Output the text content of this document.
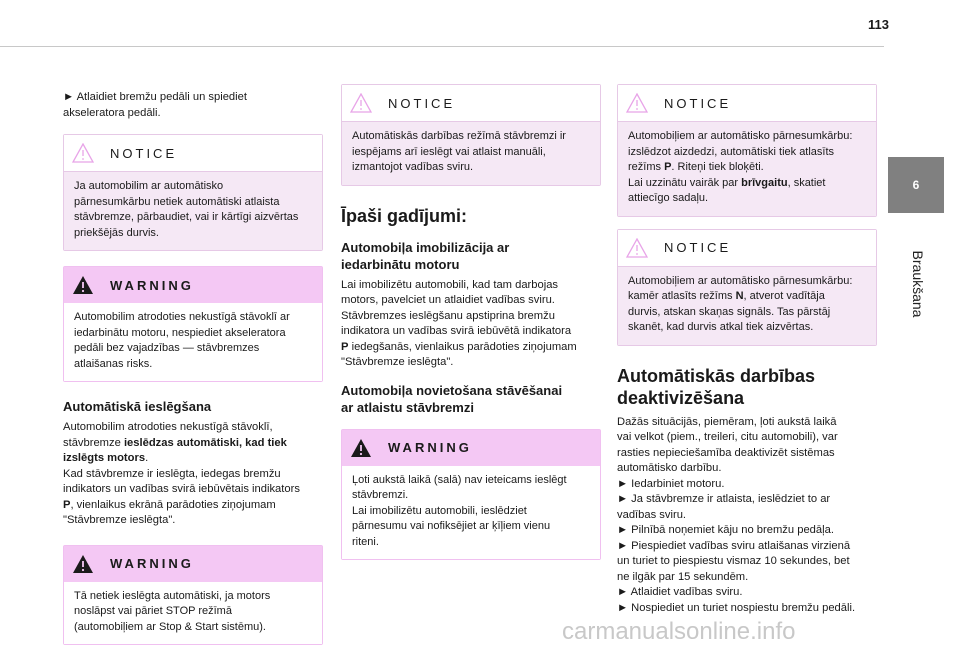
113
6
Braukšana

► Atlaidiet bremžu pedāli un spiediet
akseleratora pedāli.

NOTICE
Ja automobilim ar automātisko
pārnesumkārbu netiek automātiski atlaista
stāvbremze, pārbaudiet, vai ir kārtīgi aizvērtas
priekšējās durvis.
WARNING
Automobilim atrodoties nekustīgā stāvoklī ar
iedarbinātu motoru, nespiediet akseleratora
pedāli bez vajadzības — stāvbremzes
atlaišanas risks.
Automātiskā ieslēgšana

Automobilim atrodoties nekustīgā stāvoklī,
stāvbremze ieslēdzas automātiski, kad tiek
izslēgts motors.
Kad stāvbremze ir ieslēgta, iedegas bremžu
indikators un vadības svirā iebūvētais indikators
P, vienlaikus ekrānā parādoties ziņojumam
"Stāvbremze ieslēgta".

WARNING
Tā netiek ieslēgta automātiski, ja motors
noslāpst vai pāriet STOP režīmā
(automobiļiem ar Stop & Start sistēmu).
NOTICE
Automātiskās darbības režīmā stāvbremzi ir
iespējams arī ieslēgt vai atlaist manuāli,
izmantojot vadības sviru.
Īpaši gadījumi:
Automobiļa imobilizācija ar
iedarbinātu motoru

Lai imobilizētu automobili, kad tam darbojas
motors, pavelciet un atlaidiet vadības sviru.
Stāvbremzes ieslēgšanu apstiprina bremžu
indikatora un vadības svirā iebūvētā indikatora
P iedegšanās, vienlaikus parādoties ziņojumam
"Stāvbremze ieslēgta".

Automobiļa novietošana stāvēšanai
ar atlaistu stāvbremzi
WARNING
Ļoti aukstā laikā (salā) nav ieteicams ieslēgt
stāvbremzi.
Lai imobilizētu automobili, ieslēdziet
pārnesumu vai nofiksējiet ar ķīļiem vienu
riteni.
NOTICE
Automobiļiem ar automātisko pārnesumkārbu:
izslēdzot aizdedzi, automātiski tiek atlasīts
režīms P. Riteņi tiek bloķēti.
Lai uzzinātu vairāk par brīvgaitu, skatiet
attiecīgo sadaļu.
NOTICE
Automobiļiem ar automātisko pārnesumkārbu:
kamēr atlasīts režīms N, atverot vadītāja
durvis, atskan skaņas signāls. Tas pārstāj
skanēt, kad durvis atkal tiek aizvērtas.
Automātiskās darbības
deaktivizēšana

Dažās situācijās, piemēram, ļoti aukstā laikā
vai velkot (piem., treileri, citu automobili), var
rasties nepieciešamība deaktivizēt sistēmas
automātisko darbību.
► Iedarbiniet motoru.
► Ja stāvbremze ir atlaista, ieslēdziet to ar
vadības sviru.
► Pilnībā noņemiet kāju no bremžu pedāļa.
► Piespiediet vadības sviru atlaišanas virzienā
un turiet to piespiestu vismaz 10 sekundes, bet
ne ilgāk par 15 sekundēm.
► Atlaidiet vadības sviru.
► Nospiediet un turiet nospiestu bremžu pedāli.

carmanualsonline.info
